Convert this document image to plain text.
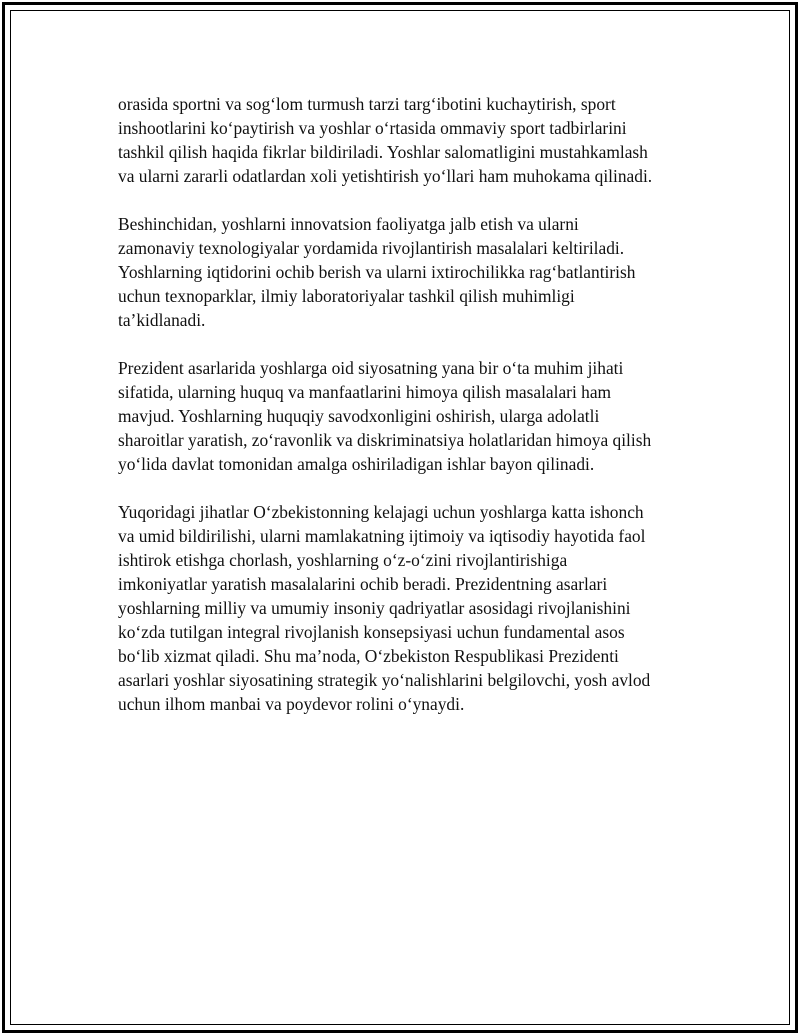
orasida sportni va sog‘lom turmush tarzi targ‘ibotini kuchaytirish, sport
inshootlarini ko‘paytirish va yoshlar o‘rtasida ommaviy sport tadbirlarini
tashkil qilish haqida fikrlar bildiriladi. Yoshlar salomatligini mustahkamlash
va ularni zararli odatlardan xoli yetishtirish yo‘llari ham muhokama qilinadi.

Beshinchidan, yoshlarni innovatsion faoliyatga jalb etish va ularni
zamonaviy texnologiyalar yordamida rivojlantirish masalalari keltiriladi.
Yoshlarning iqtidorini ochib berish va ularni ixtirochilikka rag‘batlantirish
uchun texnoparklar, ilmiy laboratoriyalar tashkil qilish muhimligi
ta’kidlanadi.

Prezident asarlarida yoshlarga oid siyosatning yana bir o‘ta muhim jihati
sifatida, ularning huquq va manfaatlarini himoya qilish masalalari ham
mavjud. Yoshlarning huquqiy savodxonligini oshirish, ularga adolatli
sharoitlar yaratish, zo‘ravonlik va diskriminatsiya holatlaridan himoya qilish
yo‘lida davlat tomonidan amalga oshiriladigan ishlar bayon qilinadi.

Yuqoridagi jihatlar O‘zbekistonning kelajagi uchun yoshlarga katta ishonch
va umid bildirilishi, ularni mamlakatning ijtimoiy va iqtisodiy hayotida faol
ishtirok etishga chorlash, yoshlarning o‘z-o‘zini rivojlantirishiga
imkoniyatlar yaratish masalalarini ochib beradi. Prezidentning asarlari
yoshlarning milliy va umumiy insoniy qadriyatlar asosidagi rivojlanishini
ko‘zda tutilgan integral rivojlanish konsepsiyasi uchun fundamental asos
bo‘lib xizmat qiladi. Shu ma’noda, O‘zbekiston Respublikasi Prezidenti
asarlari yoshlar siyosatining strategik yo‘nalishlarini belgilovchi, yosh avlod
uchun ilhom manbai va poydevor rolini o‘ynaydi.
